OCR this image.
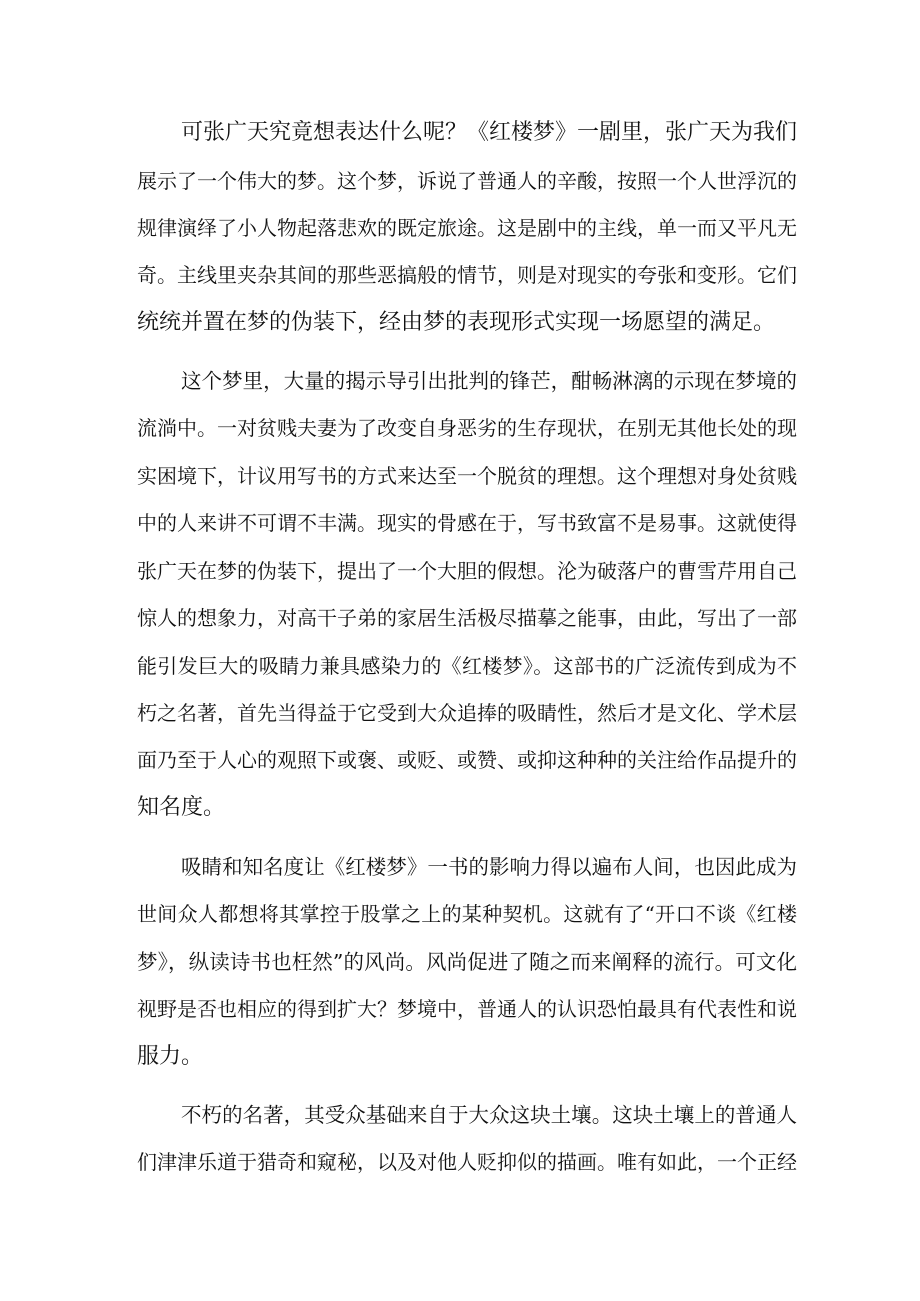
可张广天究竟想表达什么呢？《红楼梦》一剧里，张广天为我们
展示了一个伟大的梦。这个梦，诉说了普通人的辛酸，按照一个人世浮沉的
规律演绎了小人物起落悲欢的既定旅途。这是剧中的主线，单一而又平凡无
奇。主线里夹杂其间的那些恶搞般的情节，则是对现实的夸张和变形。它们
统统并置在梦的伪装下，经由梦的表现形式实现一场愿望的满足。
这个梦里，大量的揭示导引出批判的锋芒，酣畅淋漓的示现在梦境的
流淌中。一对贫贱夫妻为了改变自身恶劣的生存现状，在别无其他长处的现
实困境下，计议用写书的方式来达至一个脱贫的理想。这个理想对身处贫贱
中的人来讲不可谓不丰满。现实的骨感在于，写书致富不是易事。这就使得
张广天在梦的伪装下，提出了一个大胆的假想。沦为破落户的曹雪芹用自己
惊人的想象力，对高干子弟的家居生活极尽描摹之能事，由此，写出了一部
能引发巨大的吸睛力兼具感染力的《红楼梦》。这部书的广泛流传到成为不
朽之名著，首先当得益于它受到大众追捧的吸睛性，然后才是文化、学术层
面乃至于人心的观照下或褒、或贬、或赞、或抑这种种的关注给作品提升的
知名度。
吸睛和知名度让《红楼梦》一书的影响力得以遍布人间，也因此成为
世间众人都想将其掌控于股掌之上的某种契机。这就有了“开口不谈《红楼
梦》，纵读诗书也枉然”的风尚。风尚促进了随之而来阐释的流行。可文化
视野是否也相应的得到扩大？梦境中，普通人的认识恐怕最具有代表性和说
服力。
不朽的名著，其受众基础来自于大众这块土壤。这块土壤上的普通人
们津津乐道于猎奇和窥秘，以及对他人贬抑似的描画。唯有如此，一个正经
